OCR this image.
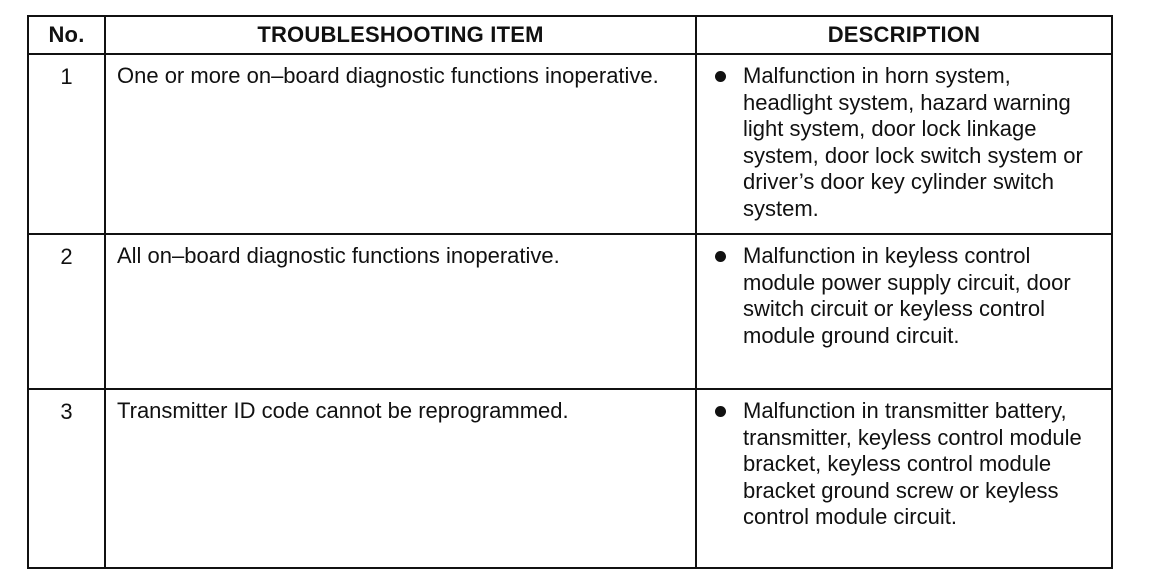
No.	TROUBLESHOOTING ITEM	DESCRIPTION
1	One or more on–board diagnostic functions inoperative.	Malfunction in horn system, headlight system, hazard warning light system, door lock linkage system, door lock switch system or driver’s door key cylinder switch system.

2	All on–board diagnostic functions inoperative.	Malfunction in keyless control module power supply circuit, door switch circuit or keyless control module ground circuit.

3	Transmitter ID code cannot be reprogrammed.	Malfunction in transmitter battery, transmitter, keyless control module bracket, keyless control module bracket ground screw or keyless control module circuit.
